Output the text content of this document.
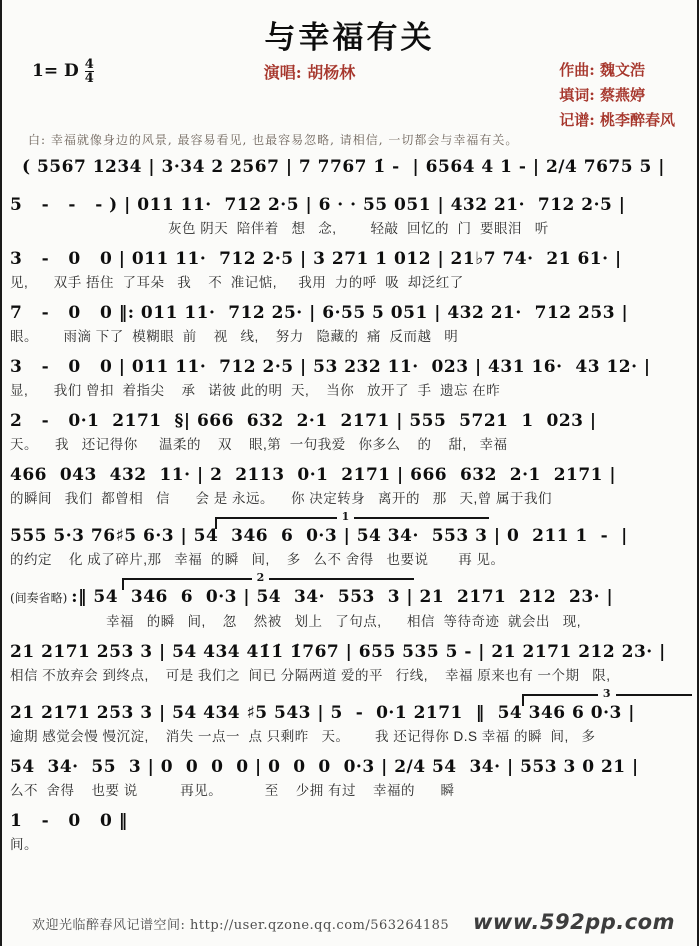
与幸福有关
1= D $\frac{4}{4}$	演唱: 胡杨林	作曲: 魏文浩
填词: 蔡燕婷
记谱: 桃李醉春风
白: 幸福就像身边的风景, 最容易看见, 也最容易忽略, 请相信, 一切都会与幸福有关。
( 5567 1234 | 3·34 2 2567 | 7 7767 1̇ -  | 6564 4 1 - | 2/4 7675 5 |
5   -   -   - ) | 011 11·  712 2·5 | 6 · · 55 051 | 432 21·  712 2·5 |
灰色 阴天  陪伴着   想   念,        轻敲  回忆的  门  要眼泪   听
3   -   0   0 | 011 11·  712 2·5 | 3 271 1 012 | 21♭7 74·  21 61· |
见,      双手 捂住  了耳朵   我    不  准记惦,     我用  力的呼  吸  却泛红了
7   -   0   0 ‖: 011 11·  712 25· | 6·55 5 051 | 432 21·  712 253 |
眼。      雨滴 下了  模糊眼  前    视   线,    努力   隐藏的  痛  反而越   明
3   -   0   0 | 011 11·  712 2·5 | 53 232 11·  023 | 431 16·  43 12· |
显,      我们 曾扣  着指尖    承   诺彼 此的明  天,    当你   放开了  手  遗忘 在昨
2   -   0·1  2171  §| 666  632  2·1  2171 | 555  5721  1  023 |
天。    我   还记得你     温柔的    双    眼,第  一句我爱   你多么    的    甜,   幸福
466  043  432  11· | 2  2113  0·1  2171 | 666  632  2·1  2171 |
的瞬间   我们  都曾相   信      会 是 永远。    你 决定转身   离开的   那   天,曾 属于我们
1
555 5·3 76♯5 6·3 | 54  346  6  0·3 | 54 34·  553 3 | 0  211 1  -  |
的约定    化 成了碎片,那   幸福  的瞬   间,    多   么不 舍得   也要说       再 见。
2
(间奏省略) :‖ 54  346  6  0·3 | 54  34·  553  3 | 21  2171  212  23· |
幸福   的瞬   间,    忽    然被   划上   了句点,      相信  等待奇迹  就会出   现,
21 2171 253 3 | 54 434 41̇1̇ 1̇767 | 655 535 5 - | 21 2171 212 23· |
相信 不放弃会 到终点,    可是 我们之  间已 分隔两道 爱的平   行线,    幸福 原来也有 一个期   限,
3
21 2171 253 3 | 54 434 ♯5 543 | 5  -  0·1 2171  ‖  54 346 6 0·3 |
逾期 感觉会慢 慢沉淀,    消失 一点一  点 只剩昨   天。      我 还记得你 D.S 幸福 的瞬  间,   多
54  34·  55  3 | 0  0  0  0 | 0  0  0  0·3 | 2/4 54  34· | 553 3 0 21 |
么不  舍得    也要 说          再见。          至    少拥 有过    幸福的      瞬
1   -   0   0 ‖
间。
欢迎光临醉春风记谱空间: http://user.qzone.qq.com/563264185 www.592pp.com
